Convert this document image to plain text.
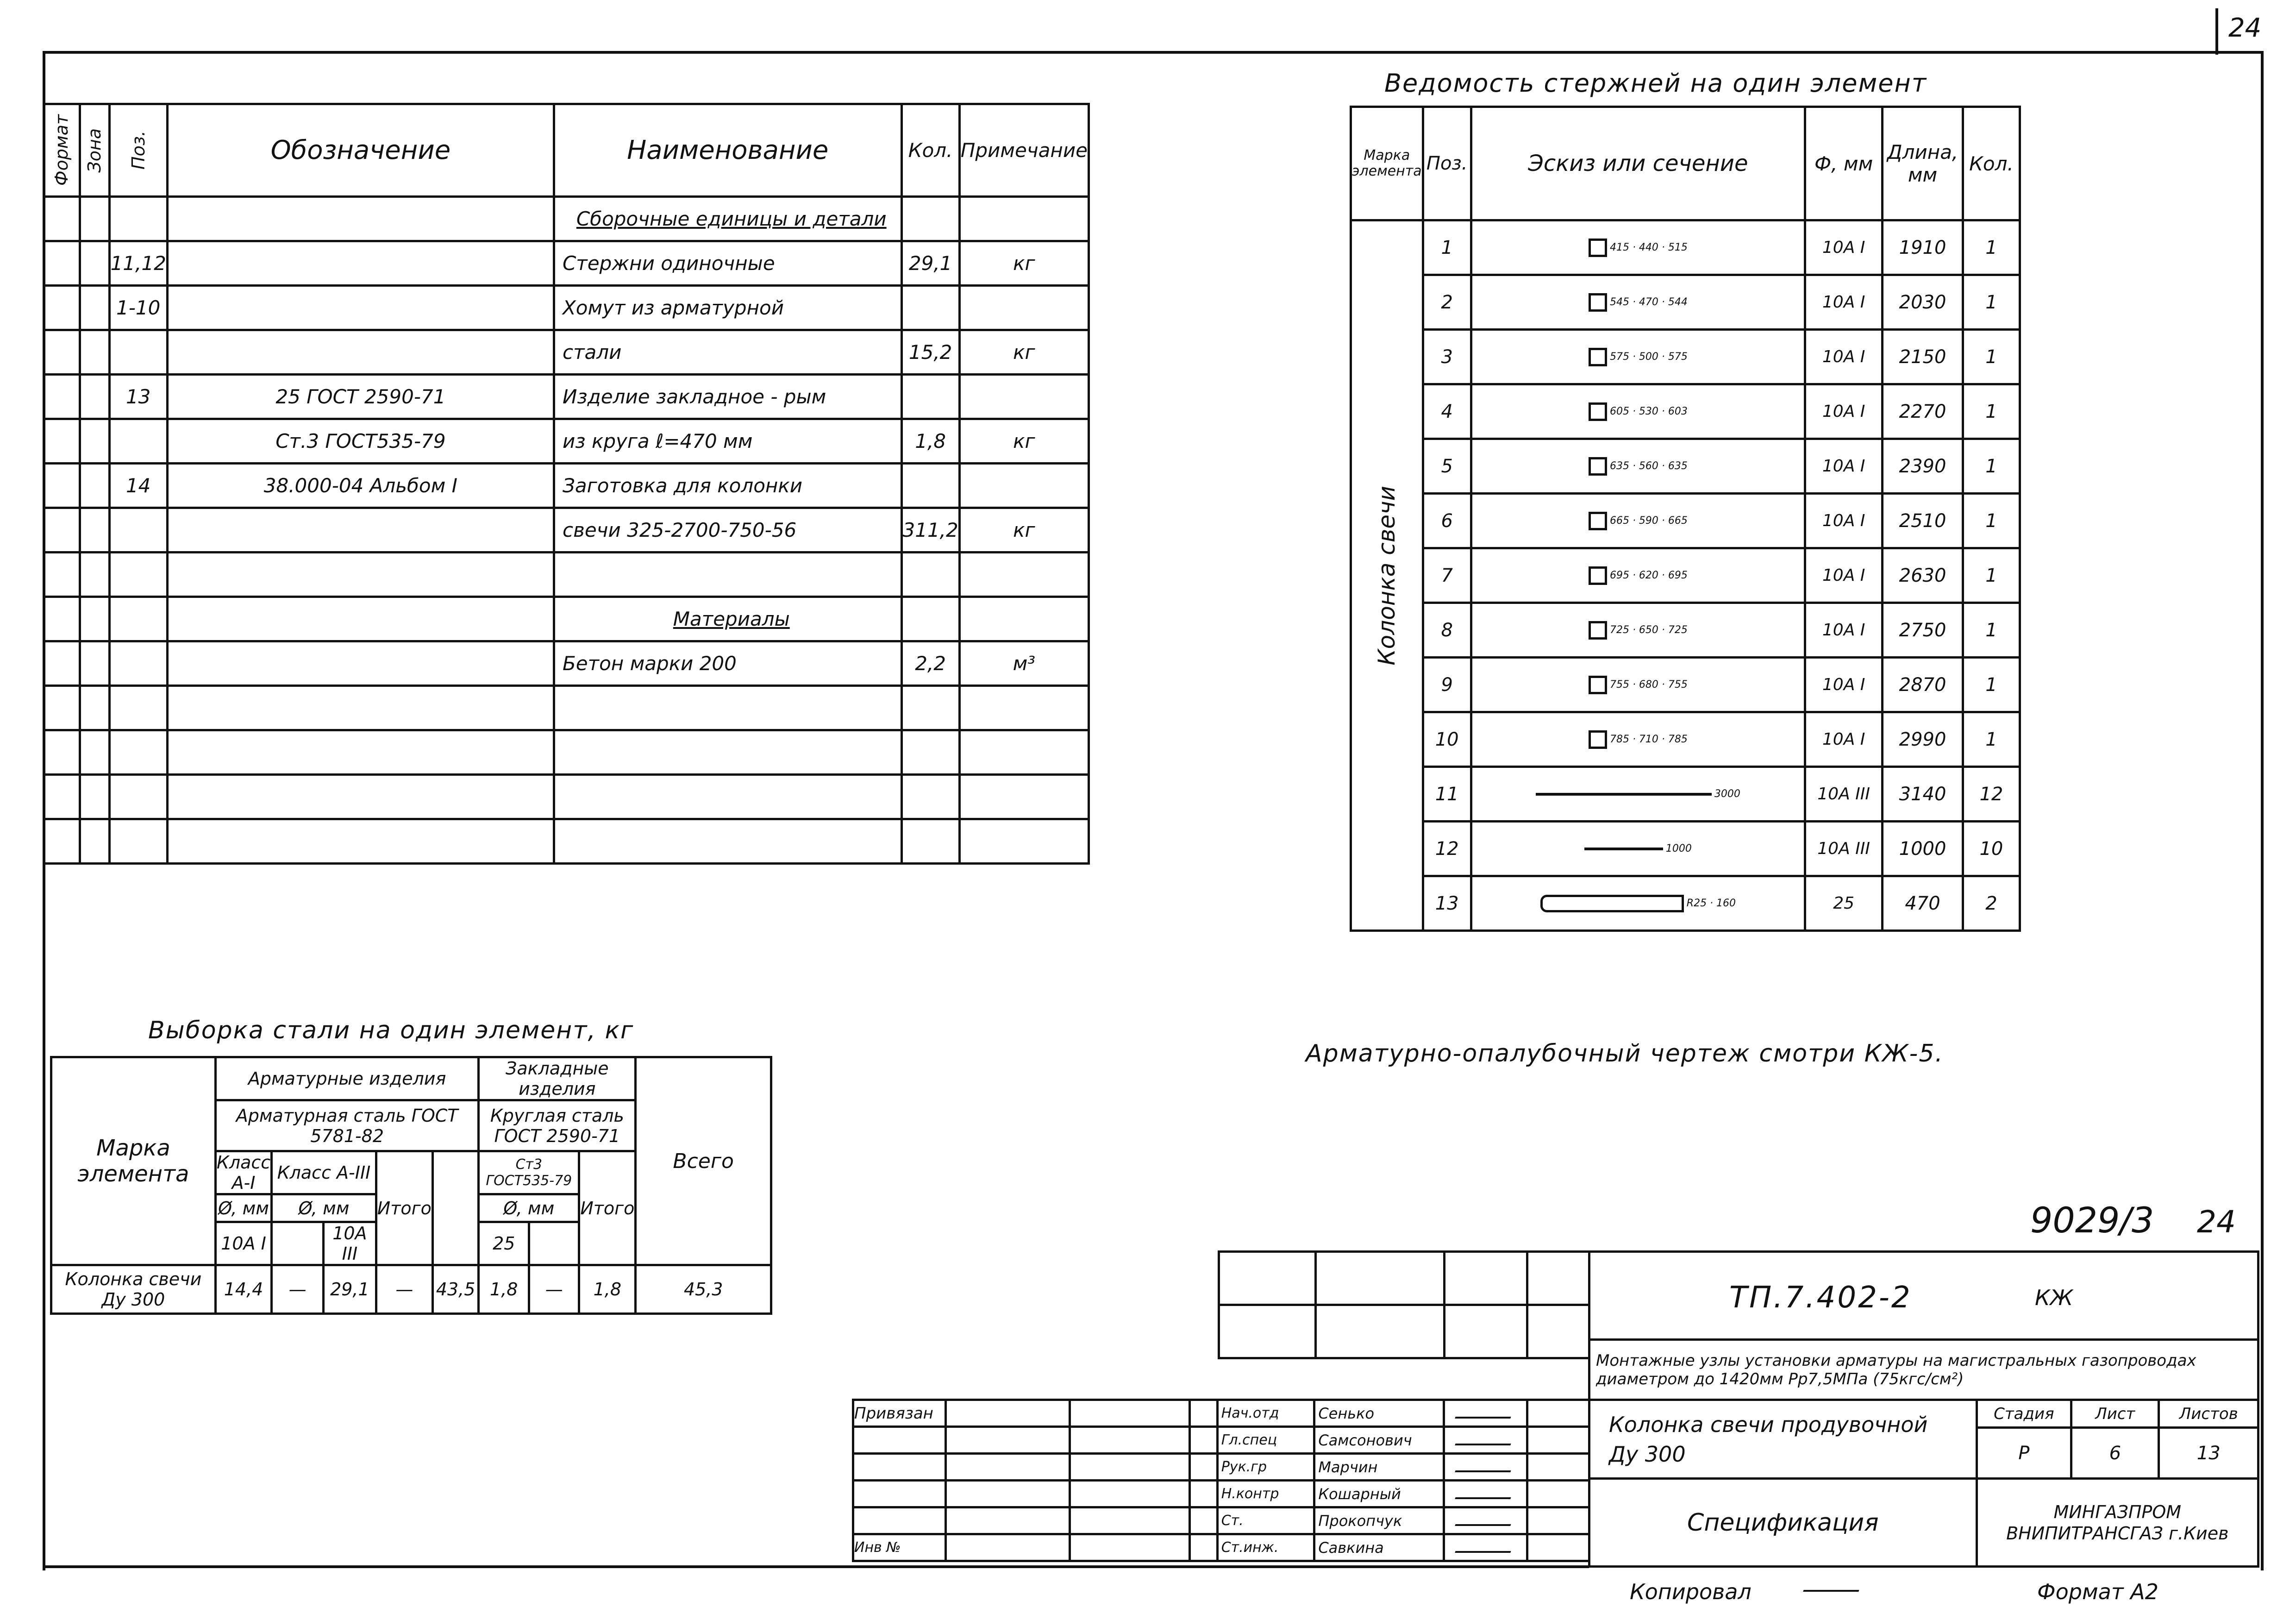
24
Формат	Зона	Поз.	Обозначение	Наименование	Кол.	Примечание
				Сборочные единицы и детали		
		11,12		Стержни одиночные	29,1	кг
		1-10		Хомут из арматурной		
				стали	15,2	кг
		13	25 ГОСТ 2590-71	Изделие закладное - рым		
			Ст.3 ГОСТ535-79	из круга ℓ=470 мм	1,8	кг
		14	38.000-04 Альбом I	Заготовка для колонки		
				свечи 325-2700-750-56	311,2	кг

				Материалы		
				Бетон марки 200	2,2	м³

Ведомость стержней на один элемент
Марка элемента	Поз.	Эскиз или сечение	Ф, мм	Длина, мм	Кол.

Колонка свечи	1	415 · 440 · 515	10A I	1910	1
	2	545 · 470 · 544	10A I	2030	1
	3	575 · 500 · 575	10A I	2150	1
	4	605 · 530 · 603	10A I	2270	1
	5	635 · 560 · 635	10A I	2390	1
	6	665 · 590 · 665	10A I	2510	1
	7	695 · 620 · 695	10A I	2630	1
	8	725 · 650 · 725	10A I	2750	1
	9	755 · 680 · 755	10A I	2870	1
	10	785 · 710 · 785	10A I	2990	1
	11	3000	10A III	3140	12
	12	1000	10A III	1000	10
	13	R25 · 160	25	470	2
Арматурно-опалубочный чертеж смотри КЖ-5.
Выборка стали на один элемент, кг
Марка элемента	Арматурные изделия					Закладные изделия			Всего
	Арматурная сталь ГОСТ 5781-82					Круглая сталь ГОСТ 2590-71			
	Класс A-I	Класс A-III		Итого		Ст3 ГОСТ535-79		Итого	
	Ø, мм	Ø, мм				Ø, мм			
	10A I		10A III			25			
Колонка свечи Ду 300	14,4	—	29,1	—	43,5	1,8	—	1,8	45,3
9029/3 24

Привязан				Нач.отд	Сенько		
				Гл.спец	Самсонович		
				Рук.гр	Марчин		
				Н.контр	Кошарный		
				Ст.	Прокопчук		
Инв №				Ст.инж.	Савкина		
ТП.7.402-2 КЖ			

Монтажные узлы установки арматуры на магистральных газопроводах диаметром до 1420мм Рр7,5МПа (75кгс/см²)			
Колонка свечи продувочной Ду 300	Стадия	Лист	Листов
	Р	6	13
Спецификация	МИНГАЗПРОМ ВНИПИТРАНСГАЗ г.Киев		
Копировал	Формат А2
